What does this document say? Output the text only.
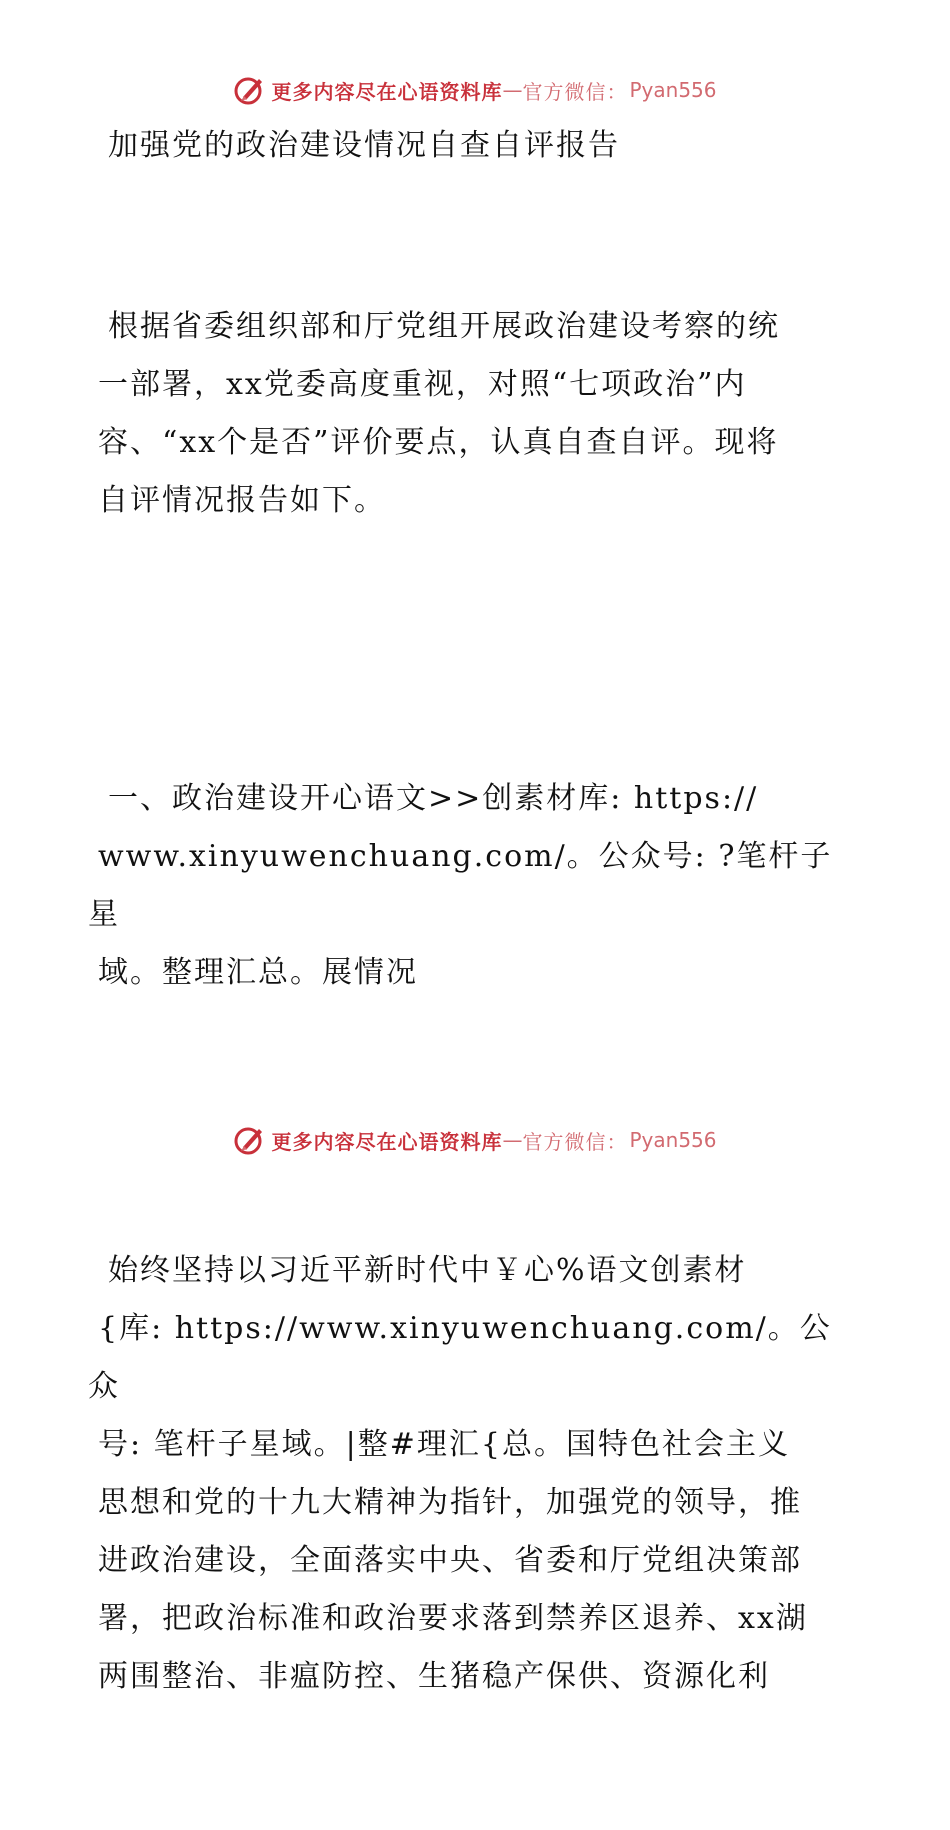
更多内容尽在心语资料库 — 官方微信： Pyan556
加强党的政治建设情况自查自评报告

根据省委组织部和厅党组开展政治建设考察的统
一部署，xx党委高度重视，对照“七项政治”内
容、“xx个是否”评价要点，认真自查自评。现将
自评情况报告如下。

一、政治建设开心语文>>创素材库: https://
www.xinyuwenchuang.com/。公众号: ?笔杆子星
域。整理汇总。展情况

始终坚持以习近平新时代中￥心%语文创素材
{库: https://www.xinyuwenchuang.com/。公众
号: 笔杆子星域。|整#理汇{总。国特色社会主义
思想和党的十九大精神为指针，加强党的领导，推
进政治建设，全面落实中央、省委和厅党组决策部
署，把政治标准和政治要求落到禁养区退养、xx湖
两围整治、非瘟防控、生猪稳产保供、资源化利

更多内容尽在心语资料库 — 官方微信： Pyan556
